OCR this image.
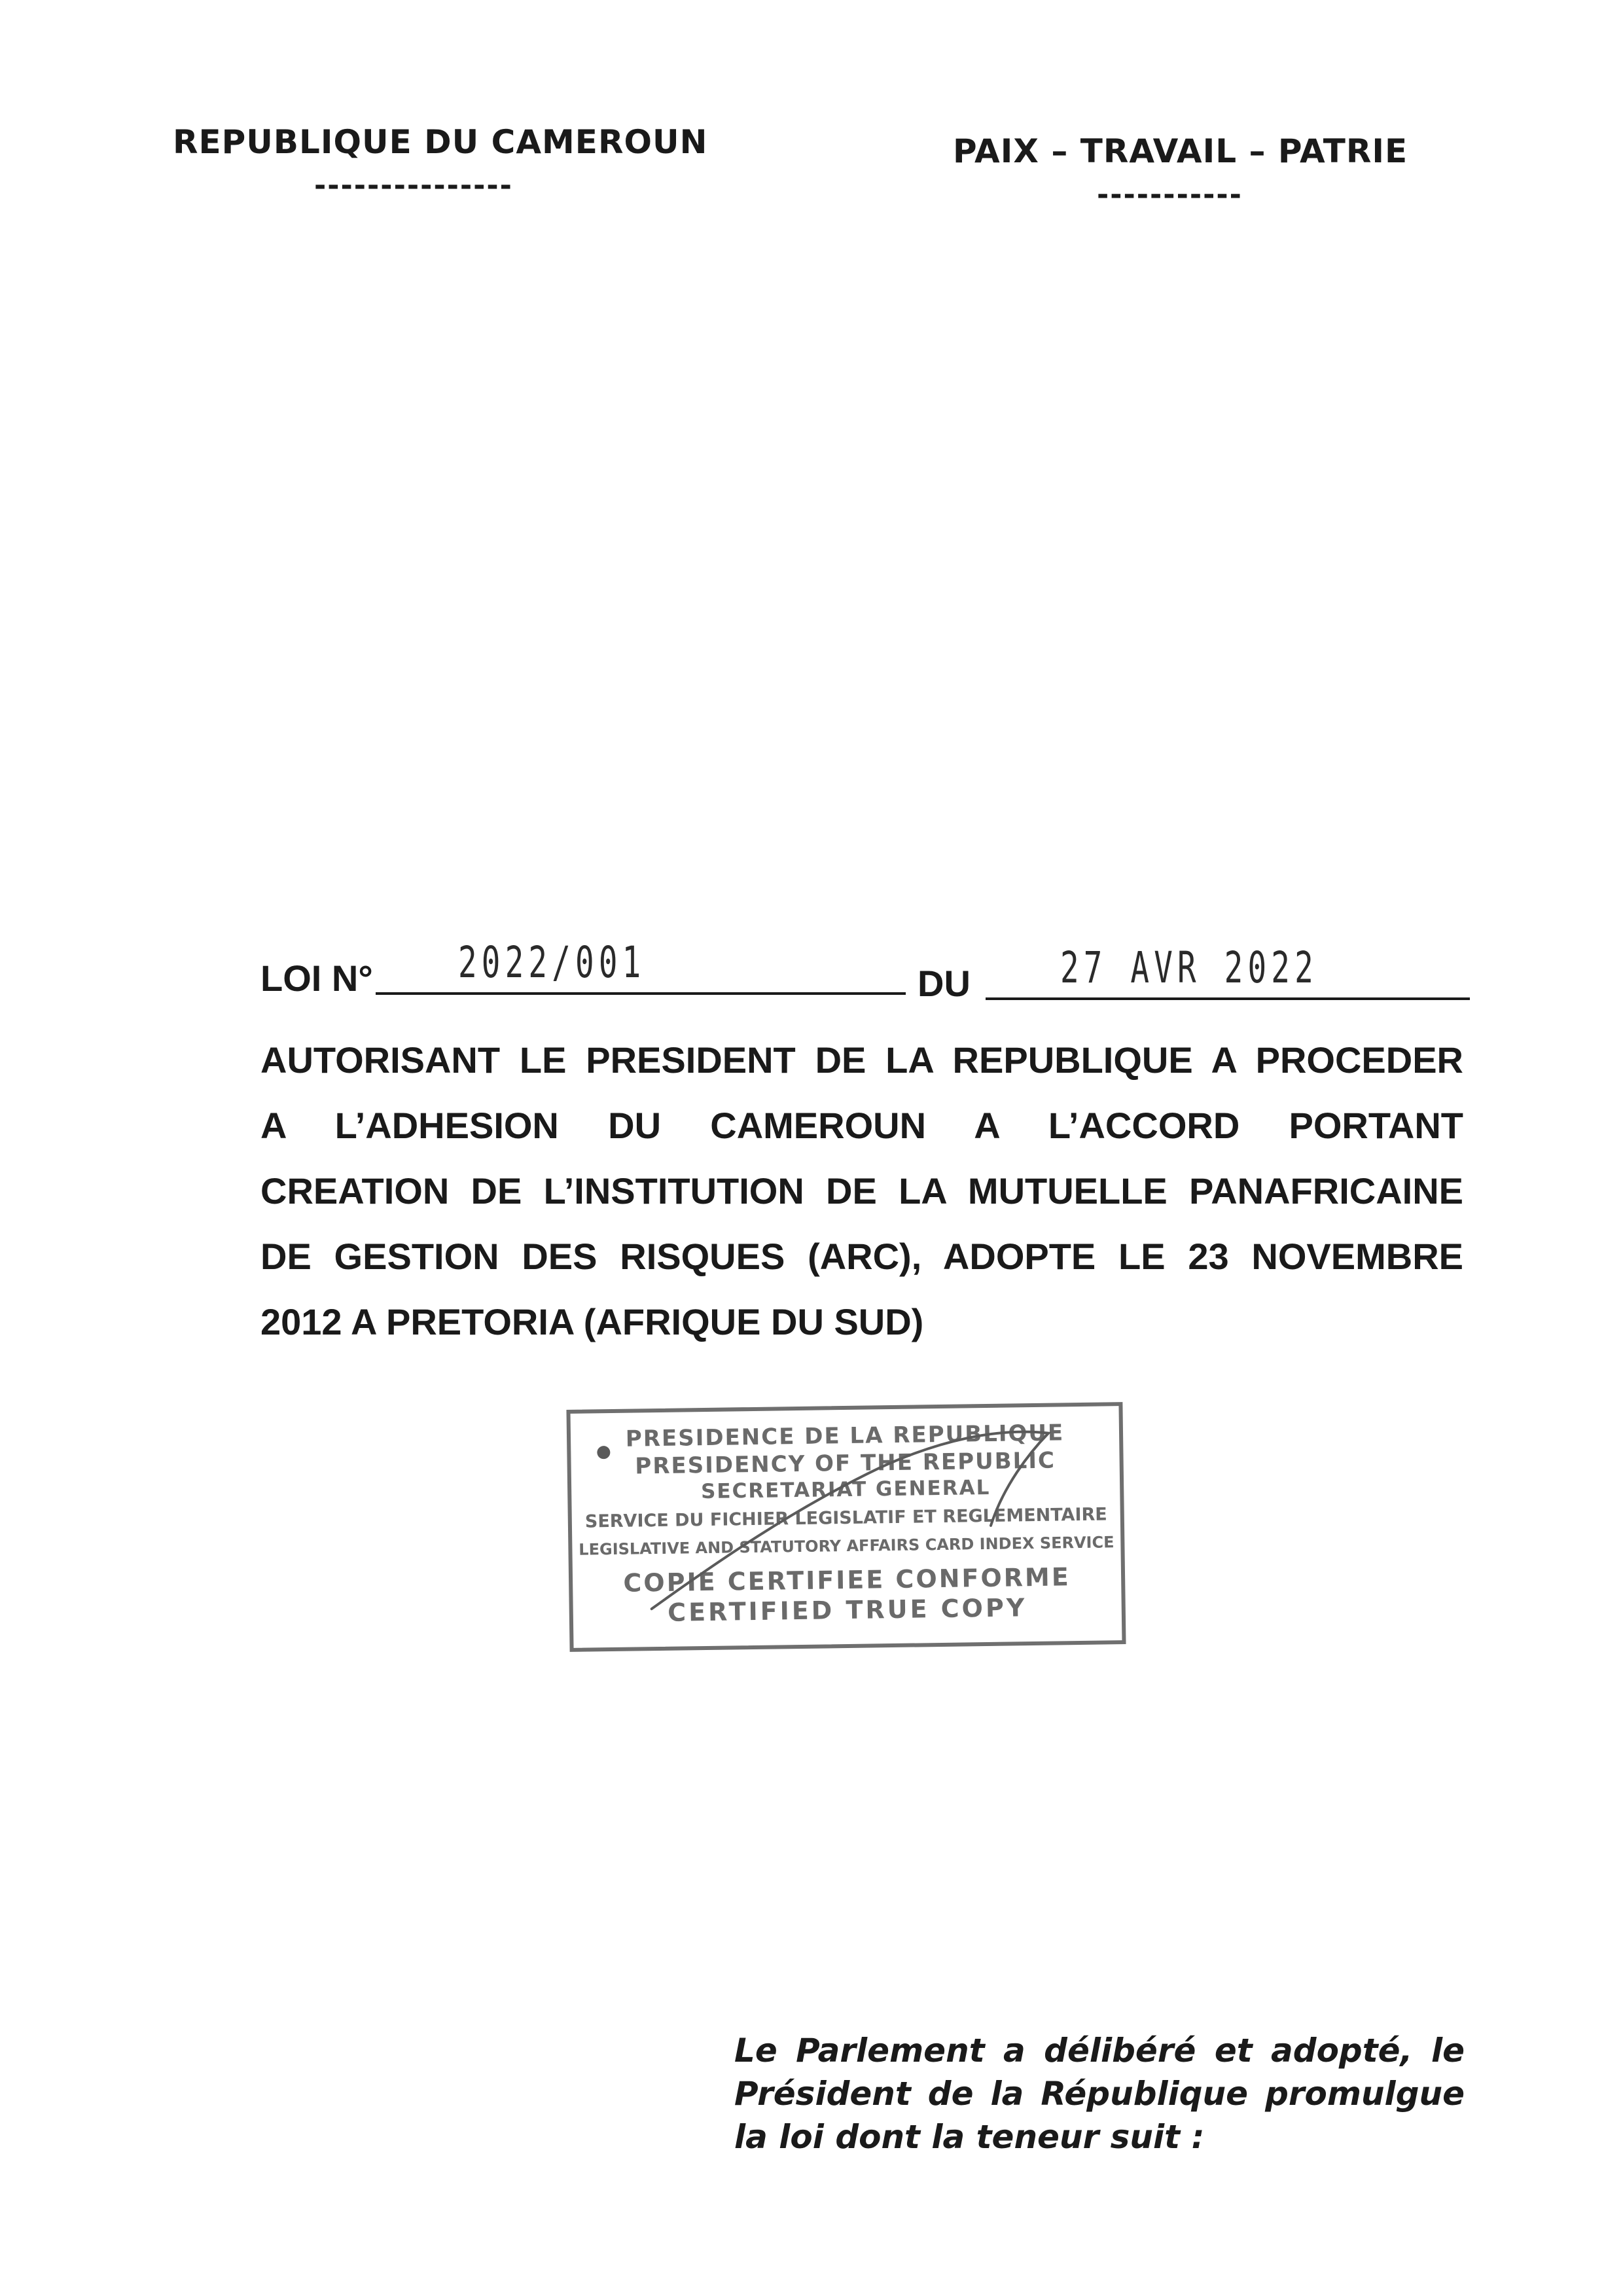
REPUBLIQUE DU CAMEROUN
---------------
PAIX – TRAVAIL – PATRIE
-----------
LOI N° 2022/001	DU 27 AVR 2022
AUTORISANT LE PRESIDENT DE LA REPUBLIQUE A PROCEDER
A L’ADHESION DU CAMEROUN A L’ACCORD PORTANT
CREATION DE L’INSTITUTION DE LA MUTUELLE PANAFRICAINE
DE GESTION DES RISQUES (ARC), ADOPTE LE 23 NOVEMBRE
2012 A PRETORIA (AFRIQUE DU SUD)
PRESIDENCE DE LA REPUBLIQUE
PRESIDENCY OF THE REPUBLIC
SECRETARIAT GENERAL
SERVICE DU FICHIER LEGISLATIF ET REGLEMENTAIRE
LEGISLATIVE AND STATUTORY AFFAIRS CARD INDEX SERVICE
COPIE CERTIFIEE CONFORME
CERTIFIED TRUE COPY
Le Parlement a délibéré et adopté, le
Président de la République promulgue
la loi dont la teneur suit :
